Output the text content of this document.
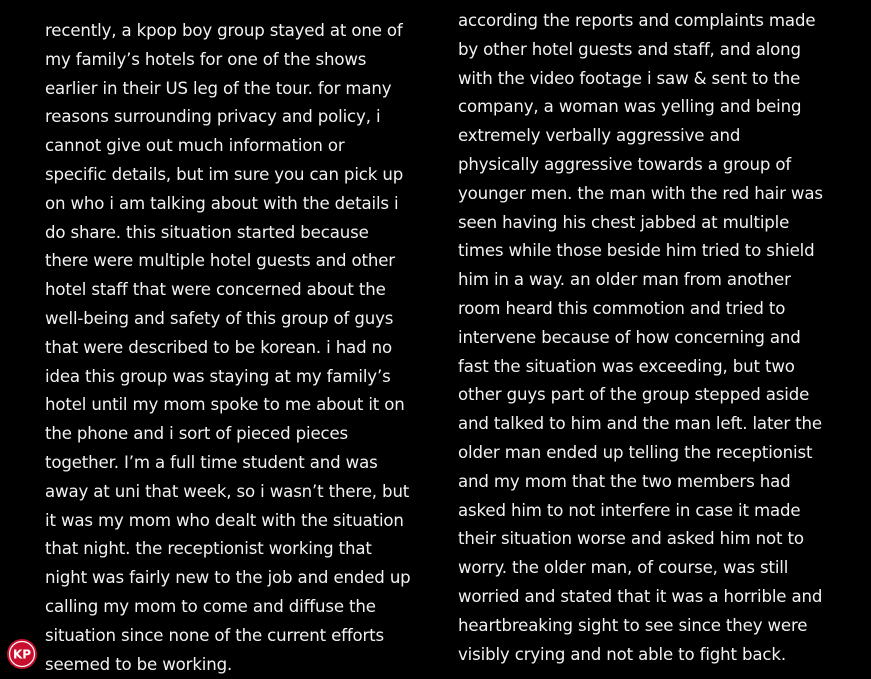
recently, a kpop boy group stayed at one of
my family’s hotels for one of the shows
earlier in their US leg of the tour. for many
reasons surrounding privacy and policy, i
cannot give out much information or
specific details, but im sure you can pick up
on who i am talking about with the details i
do share. this situation started because
there were multiple hotel guests and other
hotel staff that were concerned about the
well-being and safety of this group of guys
that were described to be korean. i had no
idea this group was staying at my family’s
hotel until my mom spoke to me about it on
the phone and i sort of pieced pieces
together. I’m a full time student and was
away at uni that week, so i wasn’t there, but
it was my mom who dealt with the situation
that night. the receptionist working that
night was fairly new to the job and ended up
calling my mom to come and diffuse the
situation since none of the current efforts
seemed to be working.
according the reports and complaints made
by other hotel guests and staff, and along
with the video footage i saw & sent to the
company, a woman was yelling and being
extremely verbally aggressive and
physically aggressive towards a group of
younger men. the man with the red hair was
seen having his chest jabbed at multiple
times while those beside him tried to shield
him in a way. an older man from another
room heard this commotion and tried to
intervene because of how concerning and
fast the situation was exceeding, but two
other guys part of the group stepped aside
and talked to him and the man left. later the
older man ended up telling the receptionist
and my mom that the two members had
asked him to not interfere in case it made
their situation worse and asked him not to
worry. the older man, of course, was still
worried and stated that it was a horrible and
heartbreaking sight to see since they were
visibly crying and not able to fight back.
KP
